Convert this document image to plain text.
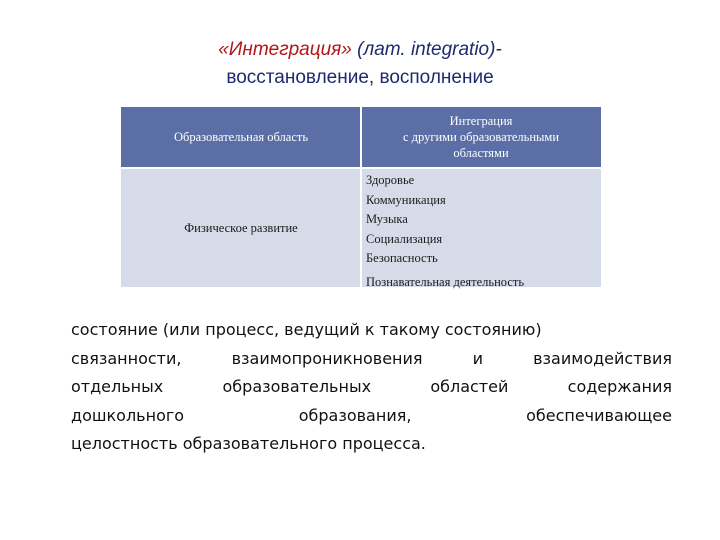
«Интеграция» (лат. integratio)-
восстановление, восполнение
Образовательная область
Интеграция
с другими образовательными
областями
Физическое развитие
Здоровье
Коммуникация
Музыка
Социализация
Безопасность
Познавательная деятельность
состояние (или процесс, ведущий к такому состоянию)
связанности, взаимопроникновения и взаимодействия
отдельных образовательных областей содержания
дошкольного образования, обеспечивающее
целостность образовательного процесса.
